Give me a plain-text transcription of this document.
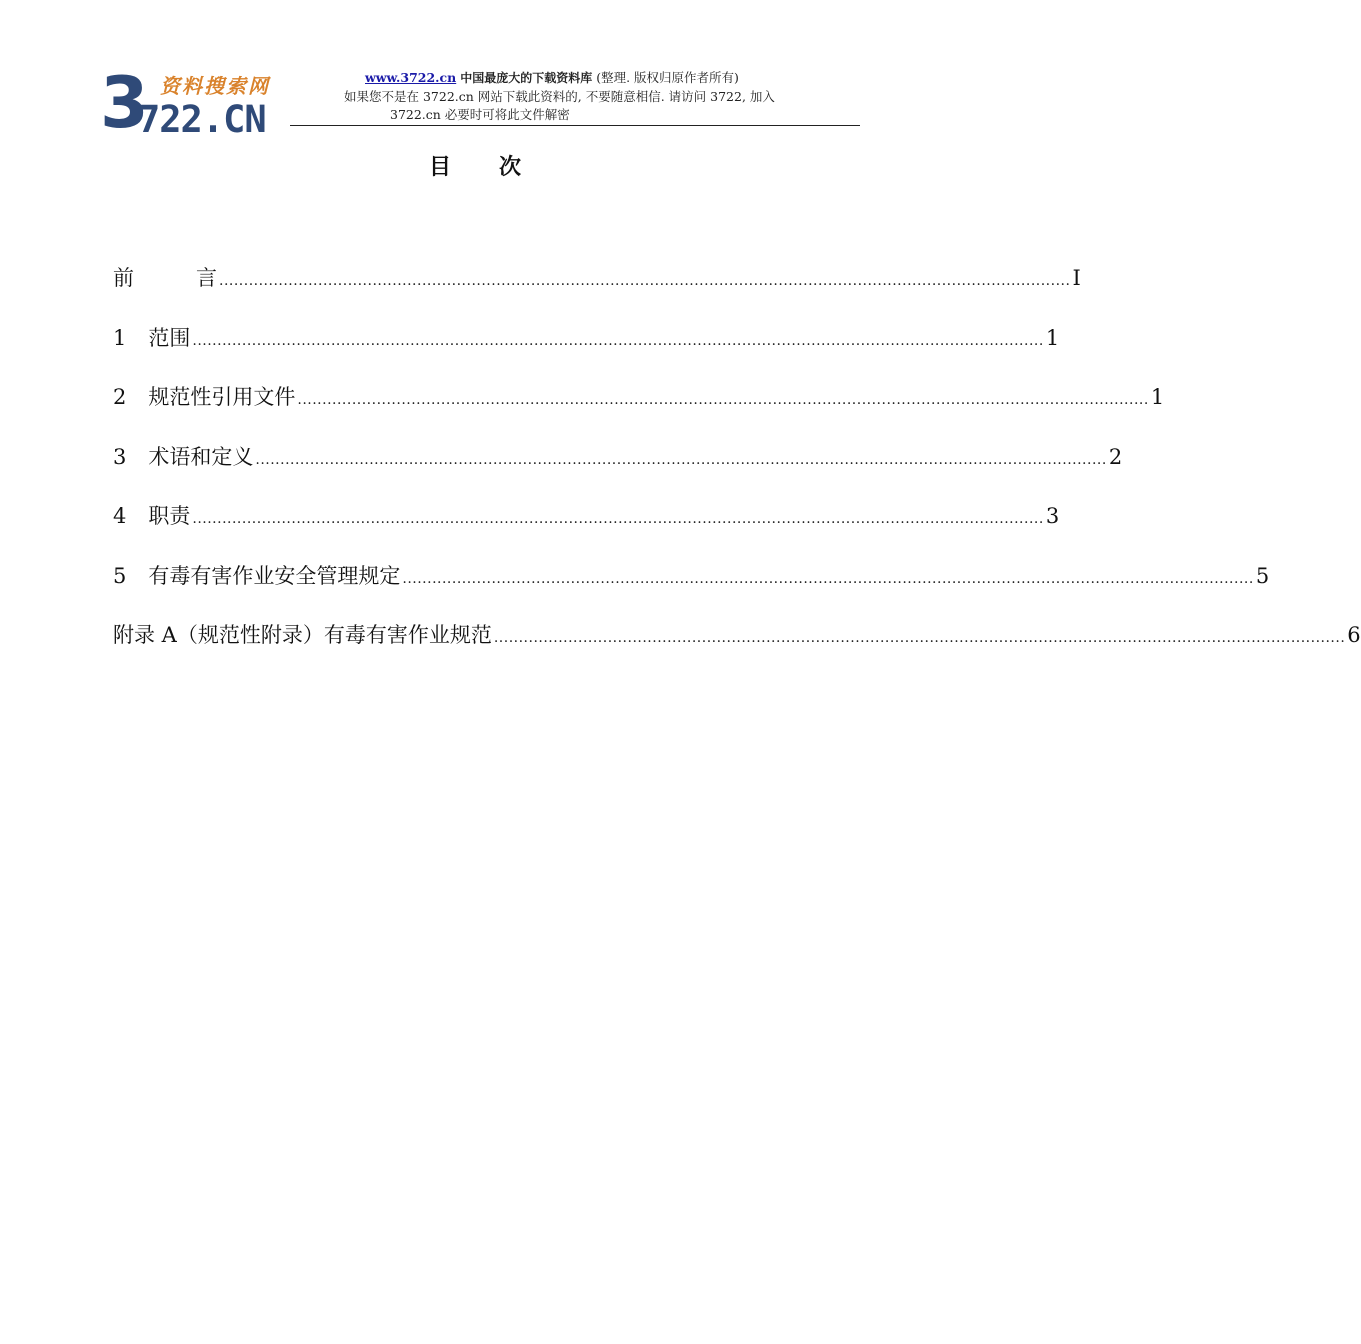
3 资料搜索网
722.CN
www.3722.cn 中国最庞大的下载资料库 (整理. 版权归原作者所有)
如果您不是在 3722.cn 网站下载此资料的, 不要随意相信. 请访问 3722, 加入
3722.cn 必要时可将此文件解密
目次
前	言 ............................................................................................................................................................................ I
1 范围 ............................................................................................................................................................................ 1
2 规范性引用文件 ............................................................................................................................................................................ 1
3 术语和定义 ............................................................................................................................................................................ 2
4 职责 ............................................................................................................................................................................ 3
5 有毒有害作业安全管理规定 ............................................................................................................................................................................ 5
附录 A（规范性附录）有毒有害作业规范 ............................................................................................................................................................................ 6
